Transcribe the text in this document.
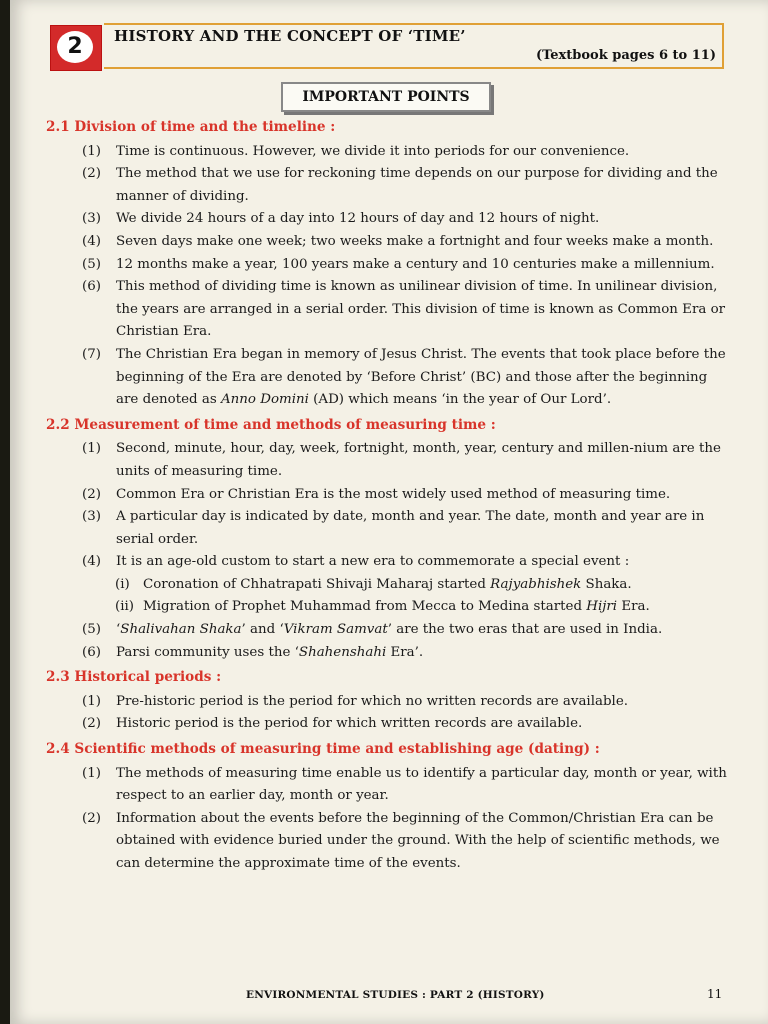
2	HISTORY AND THE CONCEPT OF ‘TIME’
(Textbook pages 6 to 11)
IMPORTANT POINTS
2.1 Division of time and the timeline :

(1) Time is continuous. However, we divide it into periods for our convenience.

(2) The method that we use for reckoning time depends on our purpose for dividing and the manner of dividing.

(3) We divide 24 hours of a day into 12 hours of day and 12 hours of night.

(4) Seven days make one week; two weeks make a fortnight and four weeks make a month.

(5) 12 months make a year, 100 years make a century and 10 centuries make a millennium.

(6) This method of dividing time is known as unilinear division of time. In unilinear division, the years are arranged in a serial order. This division of time is known as Common Era or Christian Era.

(7) The Christian Era began in memory of Jesus Christ. The events that took place before the beginning of the Era are denoted by ‘Before Christ’ (BC) and those after the beginning are denoted as Anno Domini (AD) which means ‘in the year of Our Lord’.

2.2 Measurement of time and methods of measuring time :

(1) Second, minute, hour, day, week, fortnight, month, year, century and millen-nium are the units of measuring time.

(2) Common Era or Christian Era is the most widely used method of measuring time.

(3) A particular day is indicated by date, month and year. The date, month and year are in serial order.

(4) It is an age-old custom to start a new era to commemorate a special event :

(i) Coronation of Chhatrapati Shivaji Maharaj started Rajyabhishek Shaka.

(ii) Migration of Prophet Muhammad from Mecca to Medina started Hijri Era.

(5) ‘Shalivahan Shaka’ and ‘Vikram Samvat’ are the two eras that are used in India.

(6) Parsi community uses the ‘Shahenshahi Era’.

2.3 Historical periods :

(1) Pre-historic period is the period for which no written records are available.

(2) Historic period is the period for which written records are available.

2.4 Scientific methods of measuring time and establishing age (dating) :

(1) The methods of measuring time enable us to identify a particular day, month or year, with respect to an earlier day, month or year.

(2) Information about the events before the beginning of the Common/Christian Era can be obtained with evidence buried under the ground. With the help of scientific methods, we can determine the approximate time of the events.

ENVIRONMENTAL STUDIES : PART 2 (HISTORY)	11
